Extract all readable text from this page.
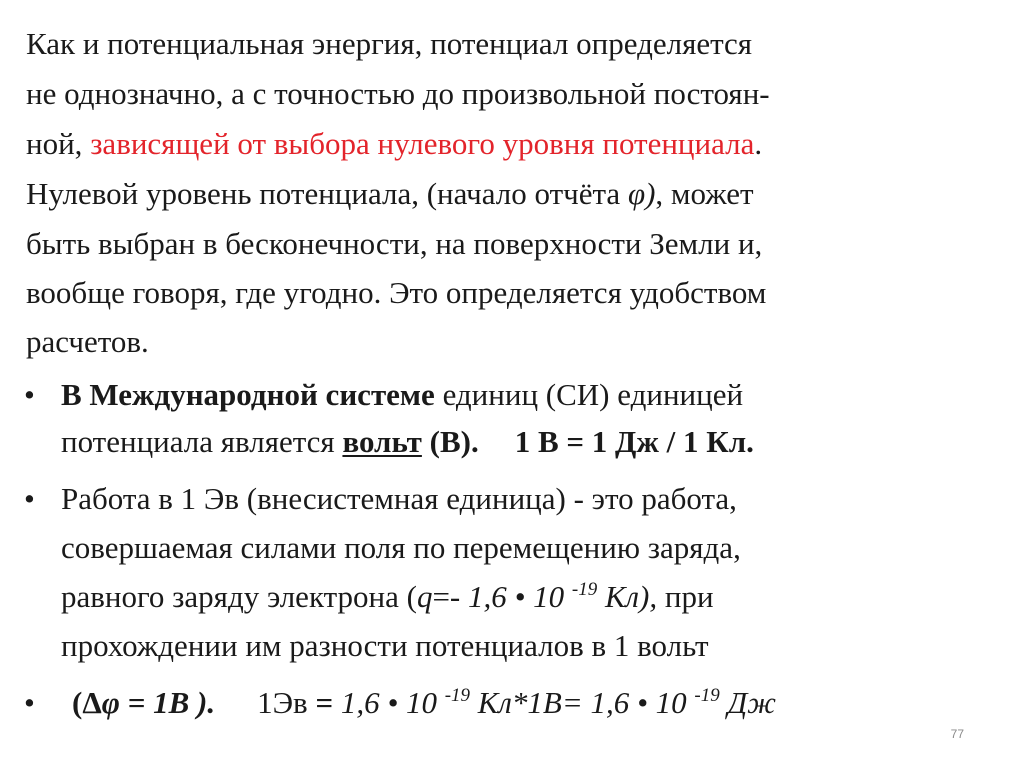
Как и потенциальная энергия, потенциал определяется
не однозначно, а с точностью до произвольной постоян-
ной, зависящей от выбора нулевого уровня потенциала.
Нулевой уровень потенциала, (начало отчёта φ), может
быть выбран в бесконечности, на поверхности Земли и,
вообще говоря, где угодно. Это определяется удобством
расчетов.
• В Международной системе единиц (СИ) единицей
потенциала является вольт (В). 1 В = 1 Дж / 1 Кл.
• Работа в 1 Эв (внесистемная единица) - это работа,
совершаемая силами поля по перемещению заряда,
равного заряду электрона (q=- 1,6 • 10 $^{-19}$ Кл), при
прохождении им разности потенциалов в 1 вольт
• (Δφ = 1В ). 1Эв = 1,6 • 10 $^{-19}$ Кл*1В= 1,6 • 10 $^{-19}$ Дж
77
